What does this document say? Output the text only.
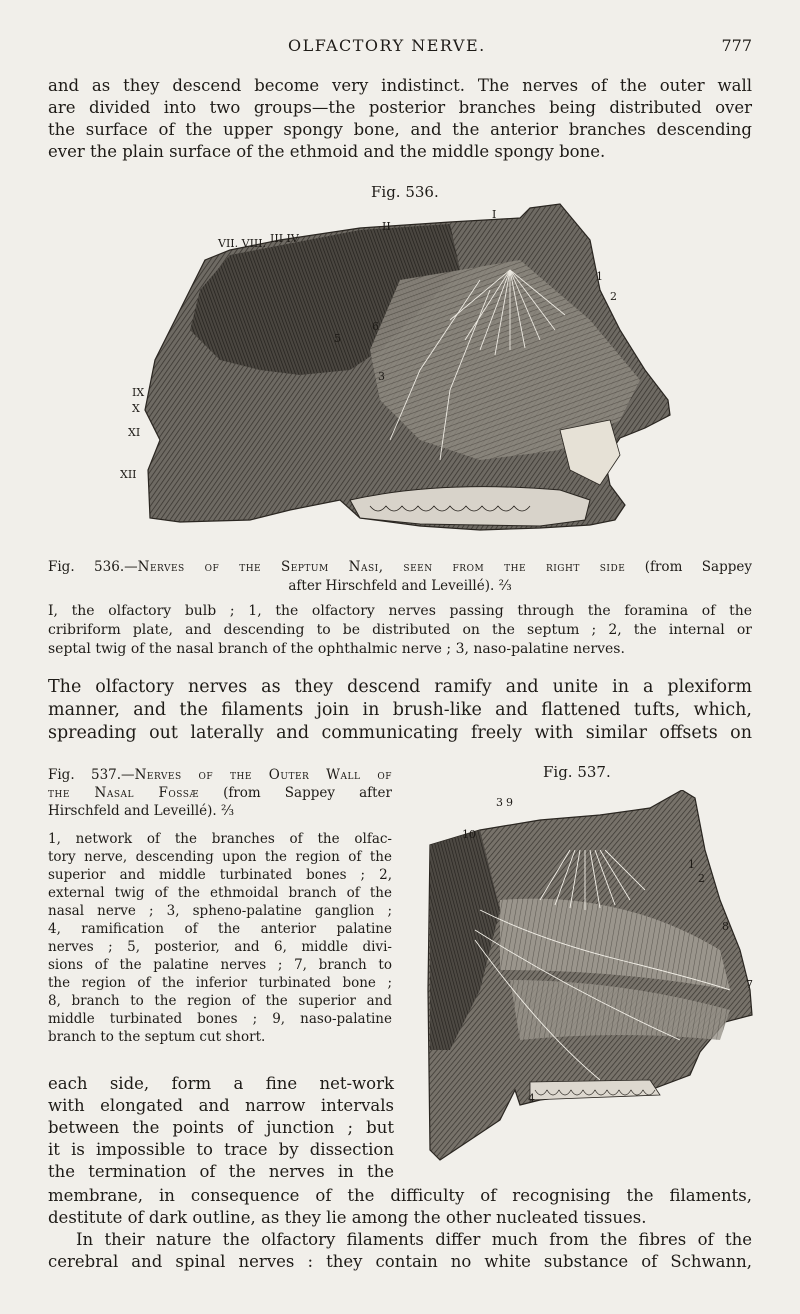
OLFACTORY NERVE.	777
and as they descend become very indistinct. The nerves of the outer wall
are divided into two groups—the posterior branches being distributed over
the surface of the upper spongy bone, and the anterior branches descending
ever the plain surface of the ethmoid and the middle spongy bone.
Fig. 536.
VII. VIII. III IV
II
I
1
2
6
5
3
IX
X
XI
XII
Fig. 536.—Nerves of the Septum Nasi, seen from the right side (from Sappey
after Hirschfeld and Leveillé). ⅔
I, the olfactory bulb ; 1, the olfactory nerves passing through the foramina of the
cribriform plate, and descending to be distributed on the septum ; 2, the internal or
septal twig of the nasal branch of the ophthalmic nerve ; 3, naso-palatine nerves.
The olfactory nerves as they descend ramify and unite in a plexiform
manner, and the filaments join in brush-like and flattened tufts, which,
spreading out laterally and communicating freely with similar offsets on
Fig. 537.—Nerves of the Outer Wall of
the Nasal Fossæ (from Sappey after
Hirschfeld and Leveillé). ⅔
Fig. 537.
1, network of the branches of the olfac-
tory nerve, descending upon the region of the
superior and middle turbinated bones ; 2,
external twig of the ethmoidal branch of the
nasal nerve ; 3, spheno-palatine ganglion ;
4, ramification of the anterior palatine
nerves ; 5, posterior, and 6, middle divi-
sions of the palatine nerves ; 7, branch to
the region of the inferior turbinated bone ;
8, branch to the region of the superior and
middle turbinated bones ; 9, naso-palatine
branch to the septum cut short.
3 9
10
1
2
8
7
4
each side, form a fine net-work
with elongated and narrow intervals
between the points of junction ; but
it is impossible to trace by dissection
the termination of the nerves in the
membrane, in consequence of the difficulty of recognising the filaments,
destitute of dark outline, as they lie among the other nucleated tissues.
In their nature the olfactory filaments differ much from the fibres of the
cerebral and spinal nerves : they contain no white substance of Schwann,
